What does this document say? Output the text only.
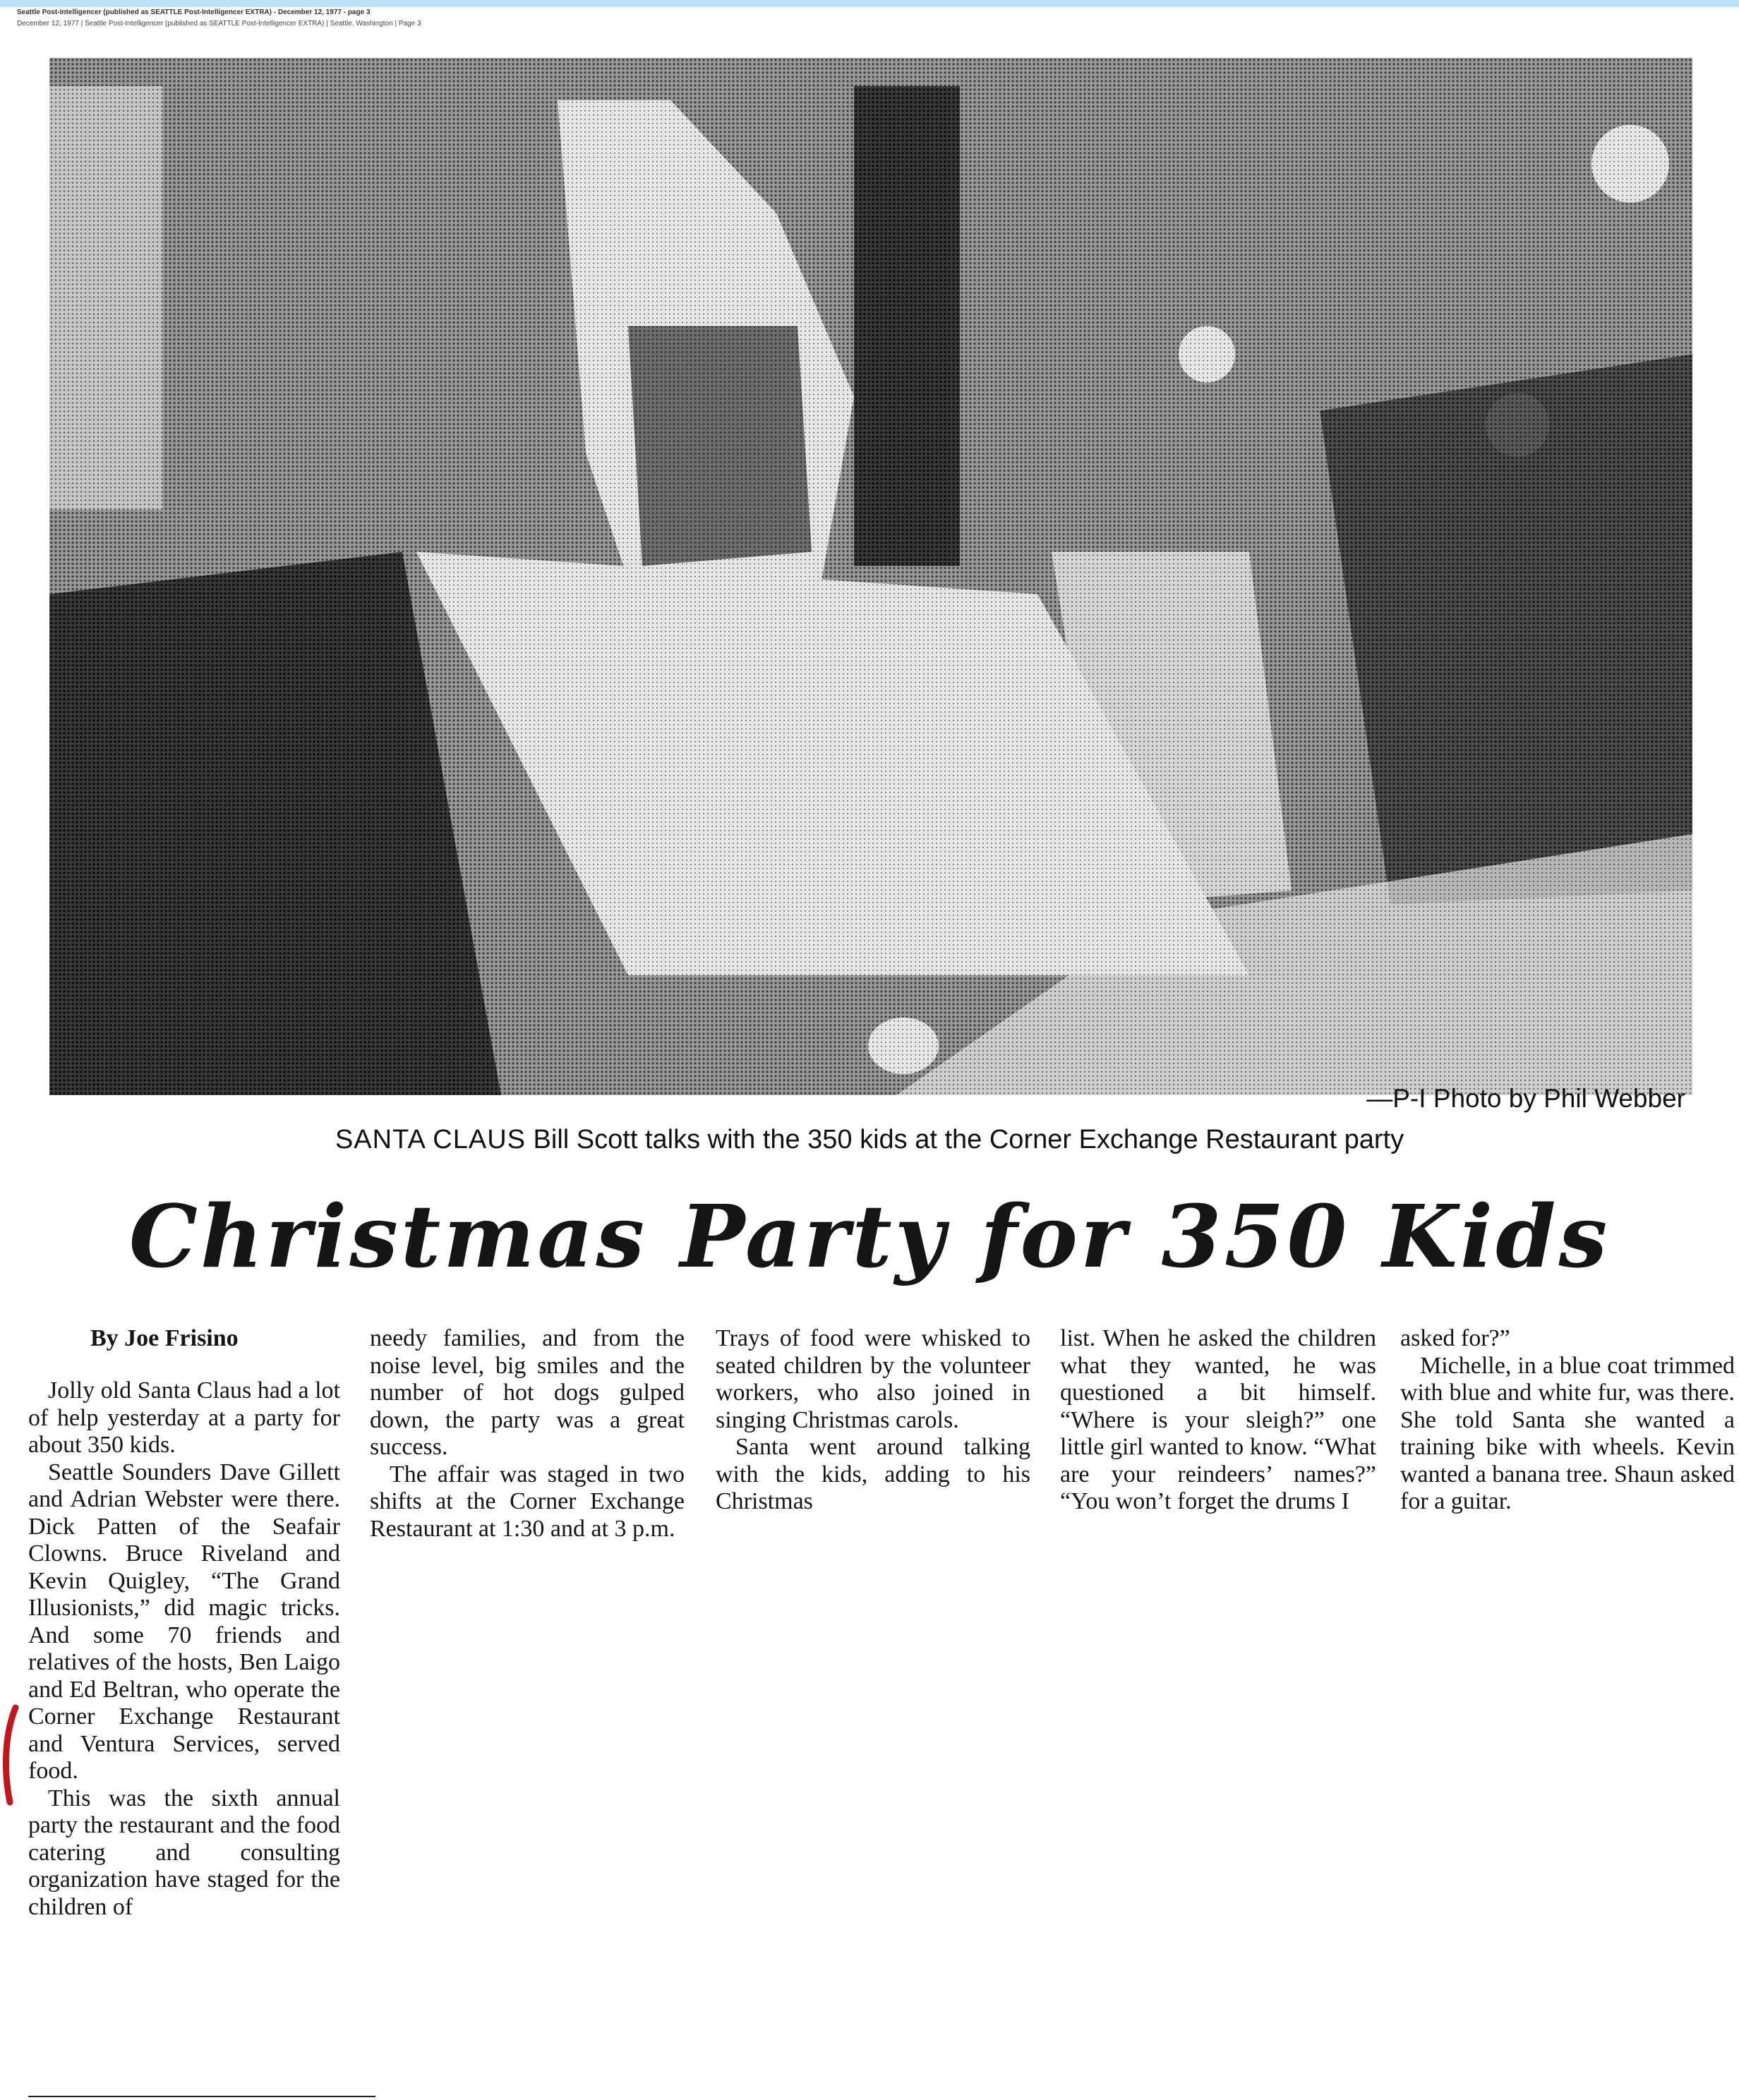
Seattle Post-Intelligencer (published as SEATTLE Post-Intelligencer EXTRA) - December 12, 1977 - page 3
December 12, 1977 | Seattle Post-Intelligencer (published as SEATTLE Post-Intelligencer EXTRA) | Seattle, Washington | Page 3
—P-I Photo by Phil Webber
SANTA CLAUS Bill Scott talks with the 350 kids at the Corner Exchange Restaurant party
Christmas Party for 350 Kids
By Joe Frisino

Jolly old Santa Claus had a lot of help yesterday at a party for about 350 kids.

Seattle Sounders Dave Gillett and Adrian Webster were there. Dick Patten of the Seafair Clowns. Bruce Riveland and Kevin Quigley, “The Grand Illusionists,” did magic tricks. And some 70 friends and relatives of the hosts, Ben Laigo and Ed Beltran, who operate the Corner Exchange Restaurant and Ventura Services, served food.

This was the sixth annual party the restaurant and the food catering and consulting organization have staged for the children of

needy families, and from the noise level, big smiles and the number of hot dogs gulped down, the party was a great success.

The affair was staged in two shifts at the Corner Exchange Restaurant at 1:30 and at 3 p.m.

Trays of food were whisked to seated children by the volunteer workers, who also joined in singing Christmas carols.

Santa went around talking with the kids, adding to his Christmas

list. When he asked the children what they wanted, he was questioned a bit himself. “Where is your sleigh?” one little girl wanted to know. “What are your reindeers’ names?” “You won’t forget the drums I

asked for?”

Michelle, in a blue coat trimmed with blue and white fur, was there. She told Santa she wanted a training bike with wheels. Kevin wanted a banana tree. Shaun asked for a guitar.
